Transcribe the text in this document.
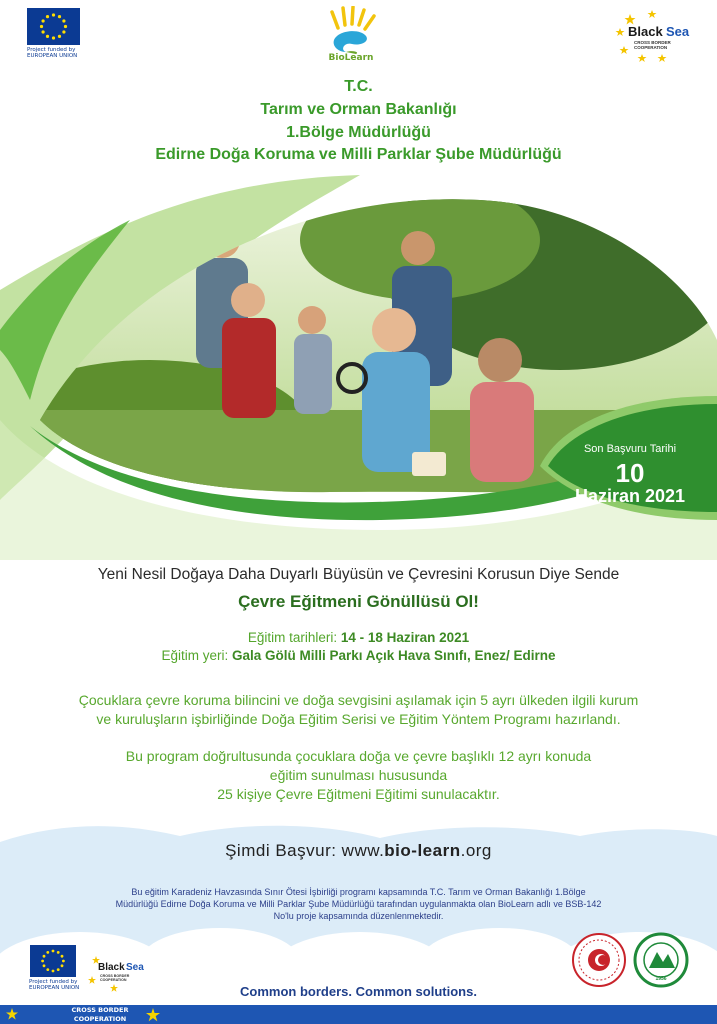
Project funded by
EUROPEAN UNION	BioLearn
Black Sea
CROSS BORDER
COOPERATION
T.C.
Tarım ve Orman Bakanlığı
1.Bölge Müdürlüğü
Edirne Doğa Koruma ve Milli Parklar Şube Müdürlüğü
Son Başvuru Tarihi
10
Haziran 2021
Yeni Nesil Doğaya Daha Duyarlı Büyüsün ve Çevresini Korusun Diye Sende
Çevre Eğitmeni Gönüllüsü Ol!
Eğitim tarihleri: 14 - 18 Haziran 2021
Eğitim yeri: Gala Gölü Milli Parkı Açık Hava Sınıfı, Enez/ Edirne
Çocuklara çevre koruma bilincini ve doğa sevgisini aşılamak için 5 ayrı ülkeden ilgili kurum
ve kuruluşların işbirliğinde Doğa Eğitim Serisi ve Eğitim Yöntem Programı hazırlandı.
Bu program doğrultusunda çocuklara doğa ve çevre başlıklı 12 ayrı konuda
eğitim sunulması hususunda
25 kişiye Çevre Eğitmeni Eğitimi sunulacaktır.
Şimdi Başvur: www.bio-learn.org
Bu eğitim Karadeniz Havzasında Sınır Ötesi İşbirliği programı kapsamında T.C. Tarım ve Orman Bakanlığı 1.Bölge
Müdürlüğü Edirne Doğa Koruma ve Milli Parklar Şube Müdürlüğü tarafından uygulanmakta olan BioLearn adlı ve BSB-142
No'lu proje kapsamında düzenlenmektedir.
Project funded by
EUROPEAN UNION
Black Sea
CROSS BORDER
COOPERATION	1956
Common borders. Common solutions.
CROSS BORDER
COOPERATION
